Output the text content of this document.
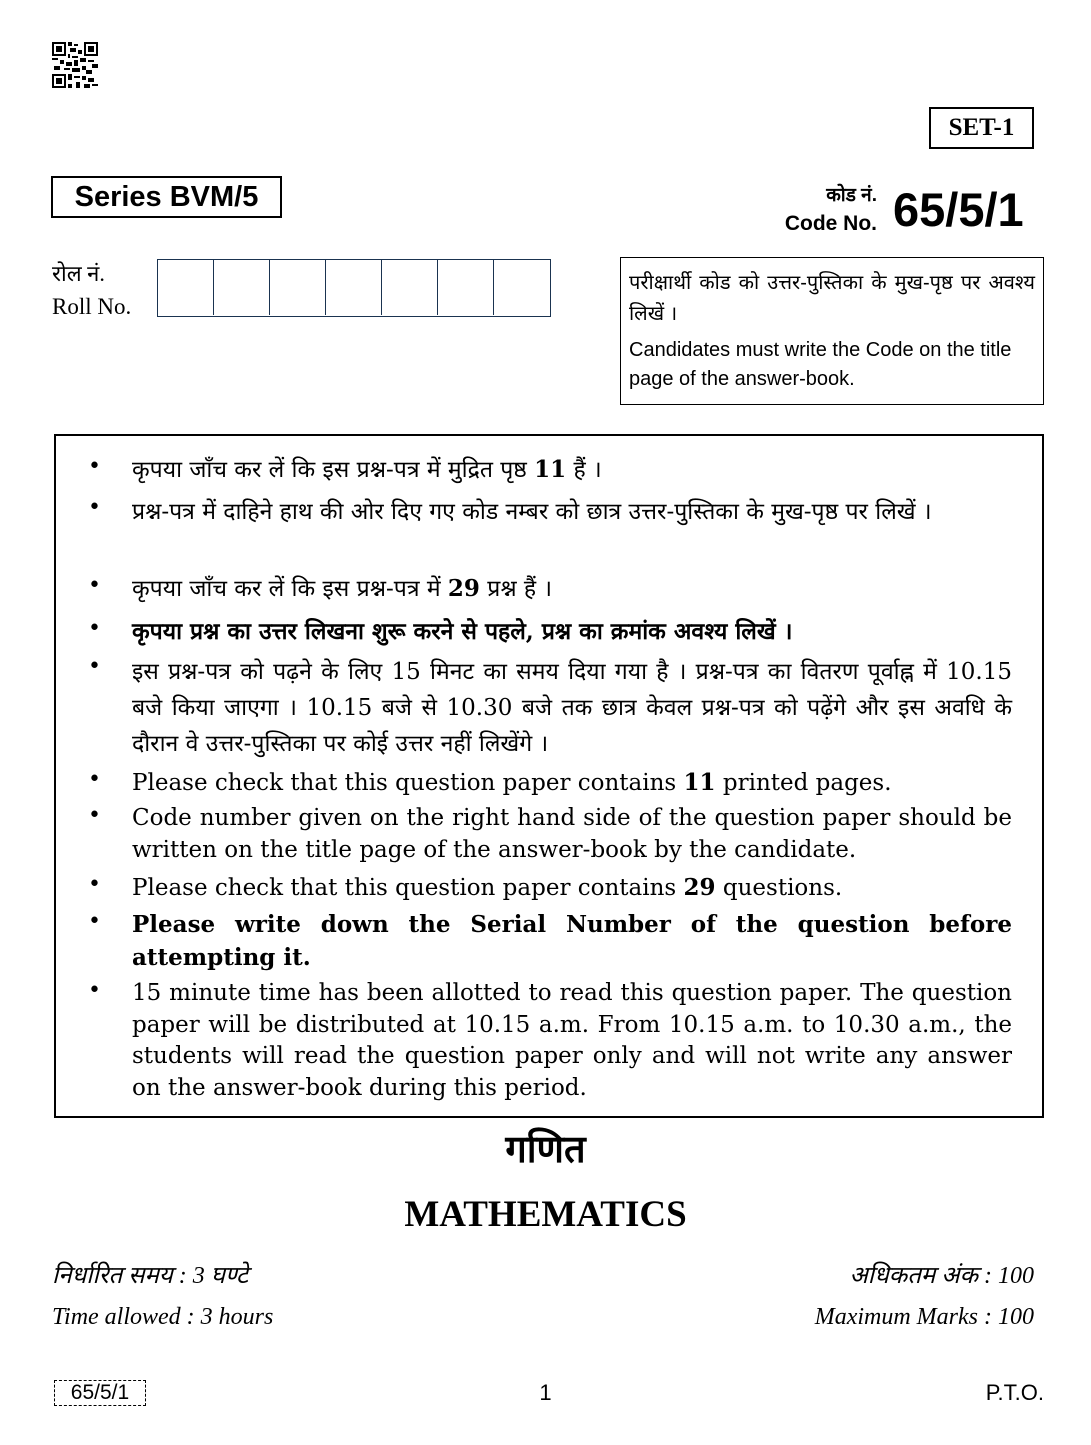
SET-1
Series BVM/5	कोड नं.
Code No. 65/5/1
रोल नं.
Roll No.
परीक्षार्थी कोड को उत्तर-पुस्तिका के मुख-पृष्ठ पर अवश्य लिखें ।
Candidates must write the Code on the title page of the answer-book.
• कृपया जाँच कर लें कि इस प्रश्न-पत्र में मुद्रित पृष्ठ 11 हैं ।
• प्रश्न-पत्र में दाहिने हाथ की ओर दिए गए कोड नम्बर को छात्र उत्तर-पुस्तिका के मुख-पृष्ठ पर लिखें ।
• कृपया जाँच कर लें कि इस प्रश्न-पत्र में 29 प्रश्न हैं ।
• कृपया प्रश्न का उत्तर लिखना शुरू करने से पहले, प्रश्न का क्रमांक अवश्य लिखें ।
• इस प्रश्न-पत्र को पढ़ने के लिए 15 मिनट का समय दिया गया है । प्रश्न-पत्र का वितरण पूर्वाह्न में 10.15 बजे किया जाएगा । 10.15 बजे से 10.30 बजे तक छात्र केवल प्रश्न-पत्र को पढ़ेंगे और इस अवधि के दौरान वे उत्तर-पुस्तिका पर कोई उत्तर नहीं लिखेंगे ।
• Please check that this question paper contains 11 printed pages.
• Code number given on the right hand side of the question paper should be written on the title page of the answer-book by the candidate.
• Please check that this question paper contains 29 questions.
• Please write down the Serial Number of the question before attempting it.
• 15 minute time has been allotted to read this question paper. The question paper will be distributed at 10.15 a.m. From 10.15 a.m. to 10.30 a.m., the students will read the question paper only and will not write any answer on the answer-book during this period.
गणित
MATHEMATICS
निर्धारित समय : 3 घण्टे
Time allowed : 3 hours
अधिकतम अंक : 100
Maximum Marks : 100
65/5/1	1	P.T.O.
